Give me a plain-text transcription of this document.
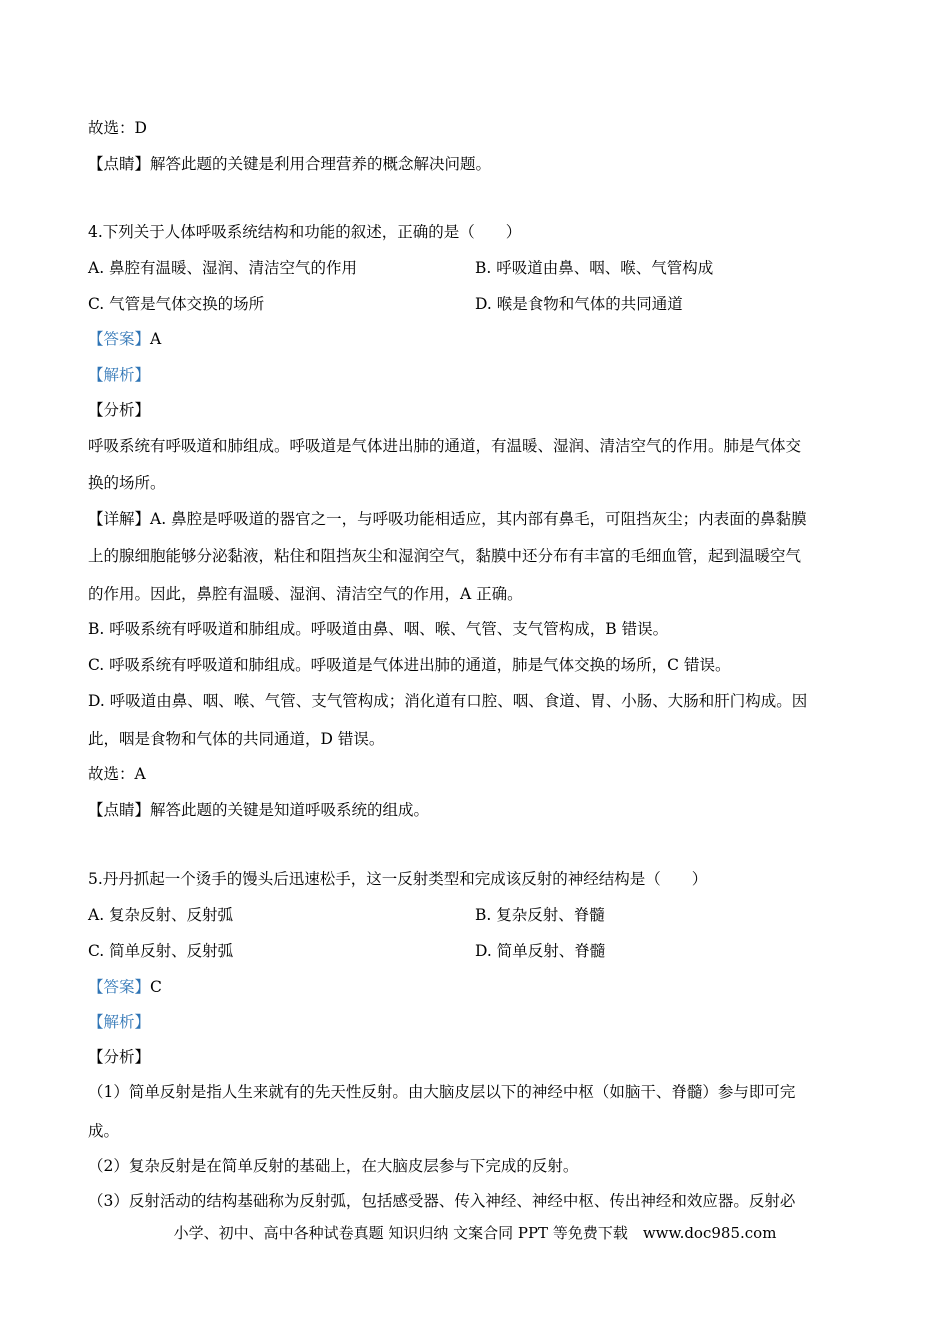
故选：D
【点睛】解答此题的关键是利用合理营养的概念解决问题。
4.下列关于人体呼吸系统结构和功能的叙述，正确的是（　　）
A. 鼻腔有温暖、湿润、清洁空气的作用	B. 呼吸道由鼻、咽、喉、气管构成
C. 气管是气体交换的场所	D. 喉是食物和气体的共同通道
【答案】A
【解析】
【分析】
呼吸系统有呼吸道和肺组成。呼吸道是气体进出肺的通道，有温暖、湿润、清洁空气的作用。肺是气体交
换的场所。
【详解】A. 鼻腔是呼吸道的器官之一，与呼吸功能相适应，其内部有鼻毛，可阻挡灰尘；内表面的鼻黏膜
上的腺细胞能够分泌黏液，粘住和阻挡灰尘和湿润空气，黏膜中还分布有丰富的毛细血管，起到温暖空气
的作用。因此，鼻腔有温暖、湿润、清洁空气的作用，A 正确。
B. 呼吸系统有呼吸道和肺组成。呼吸道由鼻、咽、喉、气管、支气管构成，B 错误。
C. 呼吸系统有呼吸道和肺组成。呼吸道是气体进出肺的通道，肺是气体交换的场所，C 错误。
D. 呼吸道由鼻、咽、喉、气管、支气管构成；消化道有口腔、咽、食道、胃、小肠、大肠和肝门构成。因
此，咽是食物和气体的共同通道，D 错误。
故选：A
【点睛】解答此题的关键是知道呼吸系统的组成。
5.丹丹抓起一个烫手的馒头后迅速松手，这一反射类型和完成该反射的神经结构是（　　）
A. 复杂反射、反射弧	B. 复杂反射、脊髓
C. 简单反射、反射弧	D. 简单反射、脊髓
【答案】C
【解析】
【分析】
（1）简单反射是指人生来就有的先天性反射。由大脑皮层以下的神经中枢（如脑干、脊髓）参与即可完
成。
（2）复杂反射是在简单反射的基础上，在大脑皮层参与下完成的反射。
（3）反射活动的结构基础称为反射弧，包括感受器、传入神经、神经中枢、传出神经和效应器。反射必
小学、初中、高中各种试卷真题 知识归纳 文案合同 PPT 等免费下载　www.doc985.com
